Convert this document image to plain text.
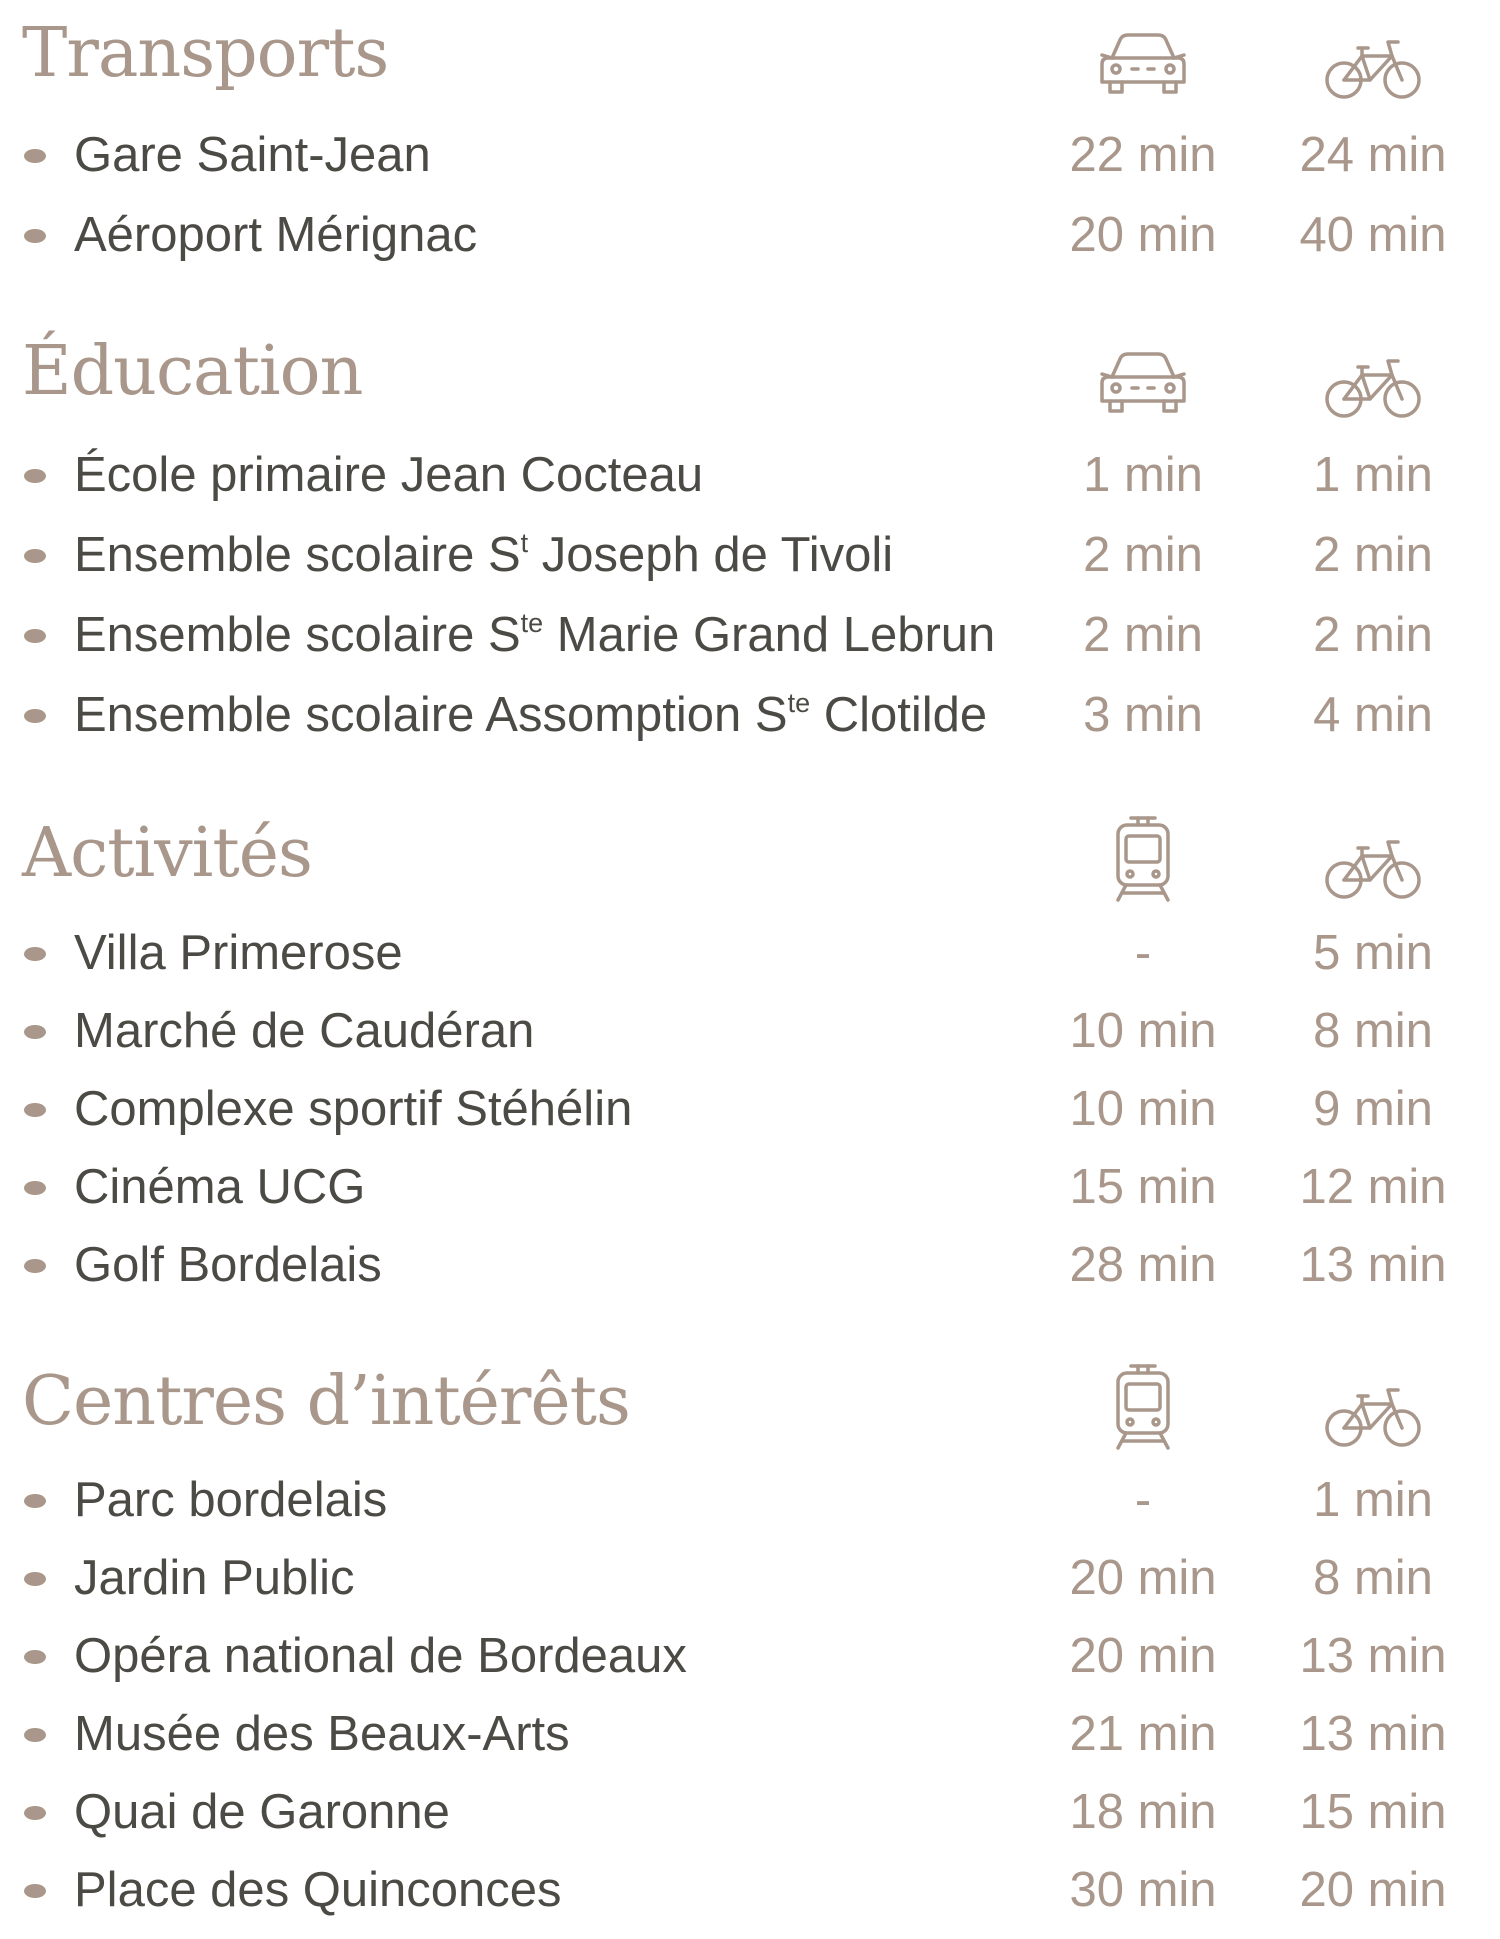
Transports
Gare Saint-Jean	22 min	24 min
Aéroport Mérignac	20 min	40 min
Éducation
École primaire Jean Cocteau	1 min	1 min
Ensemble scolaire $S^t$ Joseph de Tivoli	2 min	2 min
Ensemble scolaire $S^{te}$ Marie Grand Lebrun	2 min	2 min
Ensemble scolaire Assomption $S^{te}$ Clotilde	3 min	4 min
Activités
Villa Primerose	-	5 min
Marché de Caudéran	10 min	8 min
Complexe sportif Stéhélin	10 min	9 min
Cinéma UCG	15 min	12 min
Golf Bordelais	28 min	13 min
Centres d’intérêts
Parc bordelais	-	1 min
Jardin Public	20 min	8 min
Opéra national de Bordeaux	20 min	13 min
Musée des Beaux-Arts	21 min	13 min
Quai de Garonne	18 min	15 min
Place des Quinconces	30 min	20 min
